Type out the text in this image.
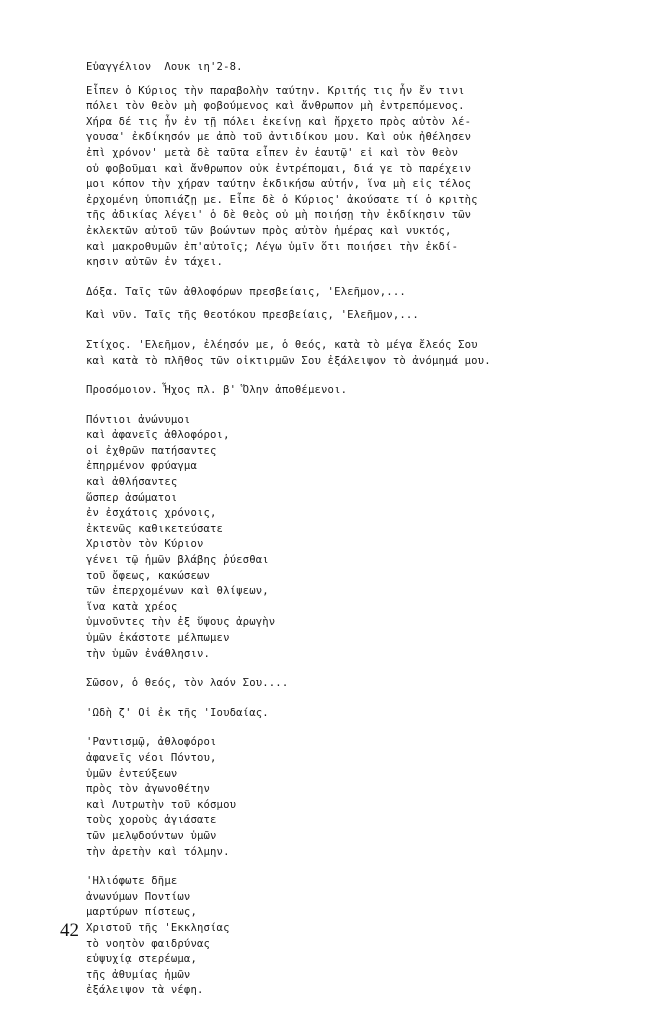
Εὐαγγέλιον  Λουκ ιη'2-8.
Εἶπεν ὁ Κύριος τὴν παραβολὴν ταύτην. Κριτής τις ἦν ἔν τινι
πόλει τὸν θεὸν μὴ φοβούμενος καὶ ἄνθρωπον μὴ ἐντρεπόμενος.
Χήρα δέ τις ἦν ἐν τῇ πόλει ἐκείνῃ καὶ ἤρχετο πρὸς αὐτὸν λέ-
γουσα' ἐκδίκησόν με ἀπὸ τοῦ ἀντιδίκου μου. Καὶ οὐκ ἠθέλησεν
ἐπὶ χρόνον' μετὰ δὲ ταῦτα εἶπεν ἐν ἑαυτῷ' εἰ καὶ τὸν θεὸν
οὐ φοβοῦμαι καὶ ἄνθρωπον οὐκ ἐντρέπομαι, διά γε τὸ παρέχειν
μοι κόπον τὴν χήραν ταύτην ἐκδικήσω αὐτήν, ἵνα μὴ εἰς τέλος
ἐρχομένη ὑποπιάζῃ με. Εἶπε δὲ ὁ Κύριος' ἀκούσατε τί ὁ κριτὴς
τῆς ἀδικίας λέγει' ὁ δὲ θεὸς οὐ μὴ ποιήσῃ τὴν ἐκδίκησιν τῶν
ἐκλεκτῶν αὐτοῦ τῶν βοώντων πρὸς αὐτὸν ἡμέρας καὶ νυκτός,
καὶ μακροθυμῶν ἐπ'αὐτοῖς; Λέγω ὑμῖν ὅτι ποιήσει τὴν ἐκδί-
κησιν αὐτῶν ἐν τάχει.
Δόξα. Ταῖς τῶν ἀθλοφόρων πρεσβείαις, 'Ελεῆμον,...
Καὶ νῦν. Ταῖς τῆς θεοτόκου πρεσβείαις, 'Ελεῆμον,...
Στίχος. 'Ελεῆμον, ἐλέησόν με, ὁ θεός, κατὰ τὸ μέγα ἔλεός Σου
καὶ κατὰ τὸ πλῆθος τῶν οἰκτιρμῶν Σου ἐξάλειψον τὸ ἀνόμημά μου.
Προσόμοιον. Ἦχος πλ. β' Ὅλην ἀποθέμενοι.
Πόντιοι ἀνώνυμοι
καὶ ἀφανεῖς ἀθλοφόροι,
οἱ ἐχθρῶν πατήσαντες
ἐπηρμένον φρύαγμα
καὶ ἀθλήσαντες
ὥσπερ ἀσώματοι
ἐν ἐσχάτοις χρόνοις,
ἐκτενῶς καθικετεύσατε
Χριστὸν τὸν Κύριον
γένει τῷ ἡμῶν βλάβης ῥύεσθαι
τοῦ ὄφεως, κακώσεων
τῶν ἐπερχομένων καὶ θλίψεων,
ἵνα κατὰ χρέος
ὑμνοῦντες τὴν ἐξ ὕψους ἀρωγὴν
ὑμῶν ἑκάστοτε μέλπωμεν
τὴν ὑμῶν ἐνάθλησιν.
Σῶσον, ὁ θεός, τὸν λαόν Σου....
'Ωδὴ ζ' Οἱ ἐκ τῆς 'Ιουδαίας.
'Ραντισμῷ, ἀθλοφόροι
ἀφανεῖς νέοι Πόντου,
ὑμῶν ἐντεύξεων
πρὸς τὸν ἀγωνοθέτην
καὶ Λυτρωτὴν τοῦ κόσμου
τοὺς χοροὺς ἁγιάσατε
τῶν μελῳδούντων ὑμῶν
τὴν ἀρετὴν καὶ τόλμην.
'Ηλιόφωτε δῆμε
ἀνωνύμων Ποντίων
μαρτύρων πίστεως,
Χριστοῦ τῆς 'Εκκλησίας
τὸ νοητὸν φαιδρύνας
εὐψυχίᾳ στερέωμα,
τῆς ἀθυμίας ἡμῶν
ἐξάλειψον τὰ νέφη.
42
